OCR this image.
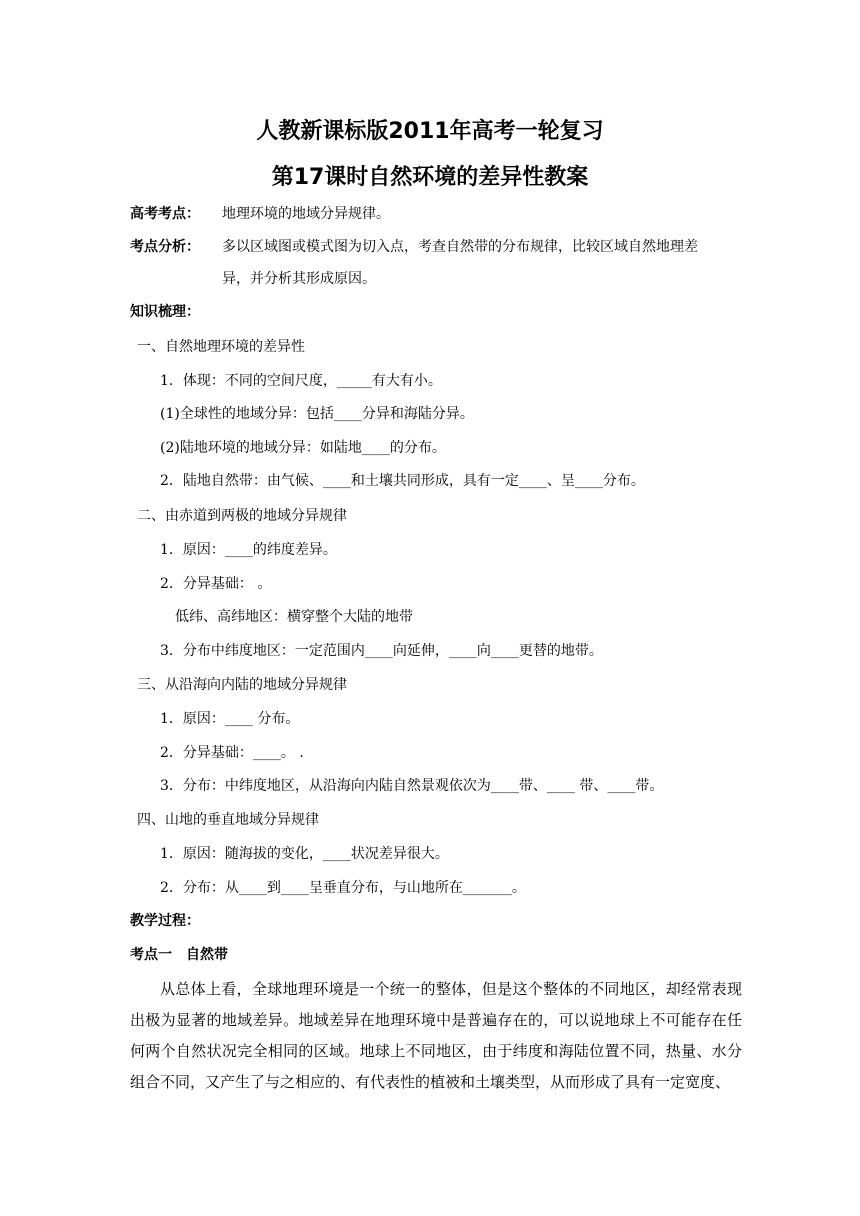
人教新课标版2011年高考一轮复习
第17课时自然环境的差异性教案
高考考点： 地理环境的地域分异规律。
考点分析： 多以区域图或模式图为切入点，考查自然带的分布规律，比较区域自然地理差
异，并分析其形成原因。
知识梳理：
一、自然地理环境的差异性
1．体现：不同的空间尺度，_____有大有小。
(1)全球性的地域分异：包括____分异和海陆分异。
(2)陆地环境的地域分异：如陆地____的分布。
2．陆地自然带：由气候、____和土壤共同形成，具有一定____、呈____分布。
二、由赤道到两极的地域分异规律
1．原因：____的纬度差异。
2．分异基础： 。
低纬、高纬地区：横穿整个大陆的地带
3．分布中纬度地区：一定范围内____向延伸，____向____更替的地带。
三、从沿海向内陆的地域分异规律
1．原因：____ 分布。
2．分异基础：____。 .
3．分布：中纬度地区，从沿海向内陆自然景观依次为____带、____ 带、____带。
四、山地的垂直地域分异规律
1．原因：随海拔的变化，____状况差异很大。
2．分布：从____到____呈垂直分布，与山地所在_______。
教学过程：
考点一　自然带
从总体上看，全球地理环境是一个统一的整体，但是这个整体的不同地区，却经常表现出极为显著的地域差异。地域差异在地理环境中是普遍存在的，可以说地球上不可能存在任何两个自然状况完全相同的区域。地球上不同地区，由于纬度和海陆位置不同，热量、水分组合不同，又产生了与之相应的、有代表性的植被和土壤类型，从而形成了具有一定宽度、
